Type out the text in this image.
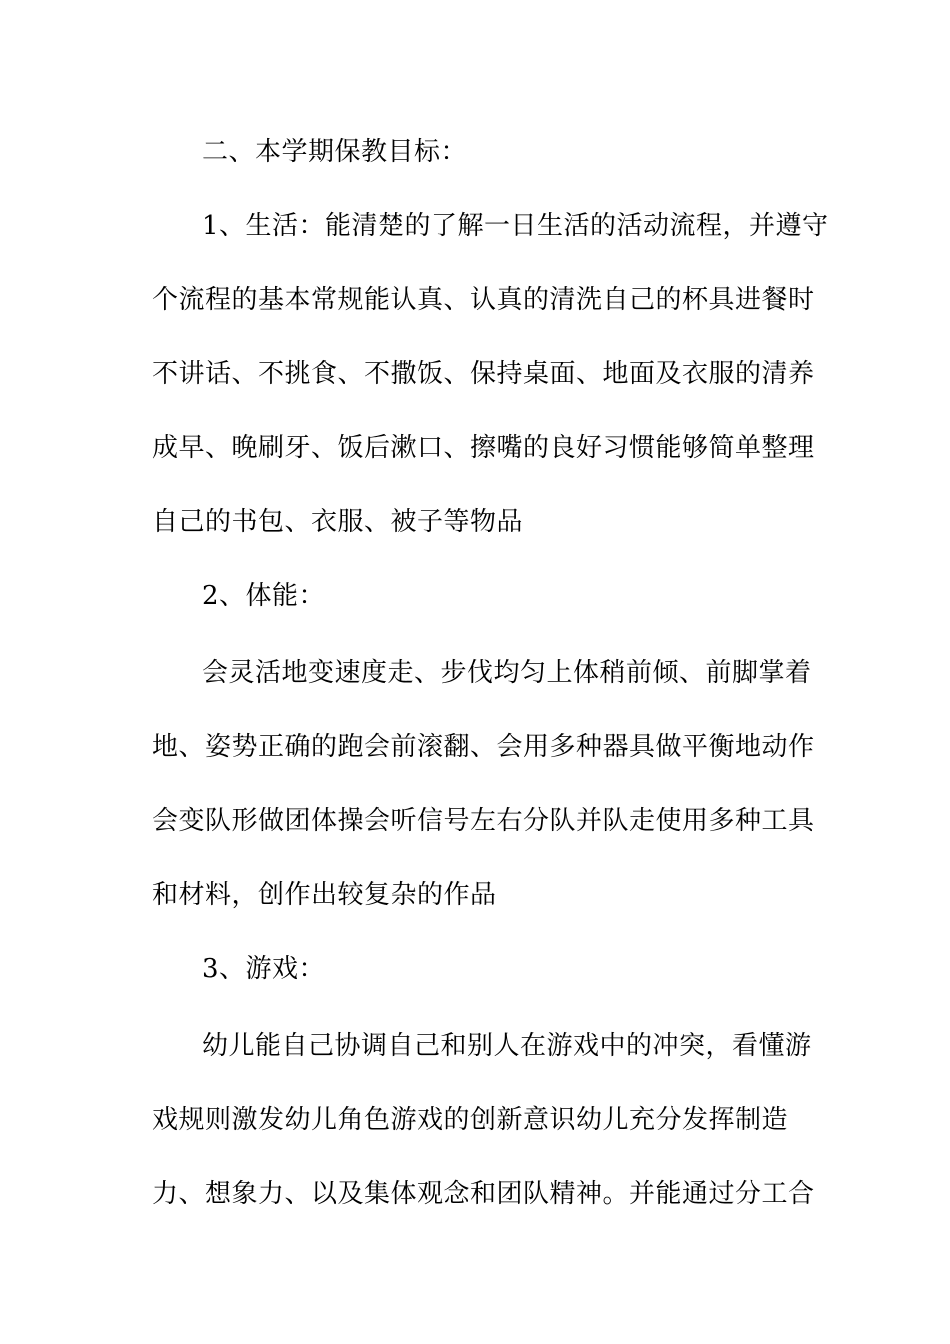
二、本学期保教目标：
1、生活：能清楚的了解一日生活的活动流程，并遵守
个流程的基本常规能认真、认真的清洗自己的杯具进餐时
不讲话、不挑食、不撒饭、保持桌面、地面及衣服的清养
成早、晚刷牙、饭后漱口、擦嘴的良好习惯能够简单整理
自己的书包、衣服、被子等物品
2、体能：
会灵活地变速度走、步伐均匀上体稍前倾、前脚掌着
地、姿势正确的跑会前滚翻、会用多种器具做平衡地动作
会变队形做团体操会听信号左右分队并队走使用多种工具
和材料，创作出较复杂的作品
3、游戏：
幼儿能自己协调自己和别人在游戏中的冲突，看懂游
戏规则激发幼儿角色游戏的创新意识幼儿充分发挥制造
力、想象力、以及集体观念和团队精神。并能通过分工合
